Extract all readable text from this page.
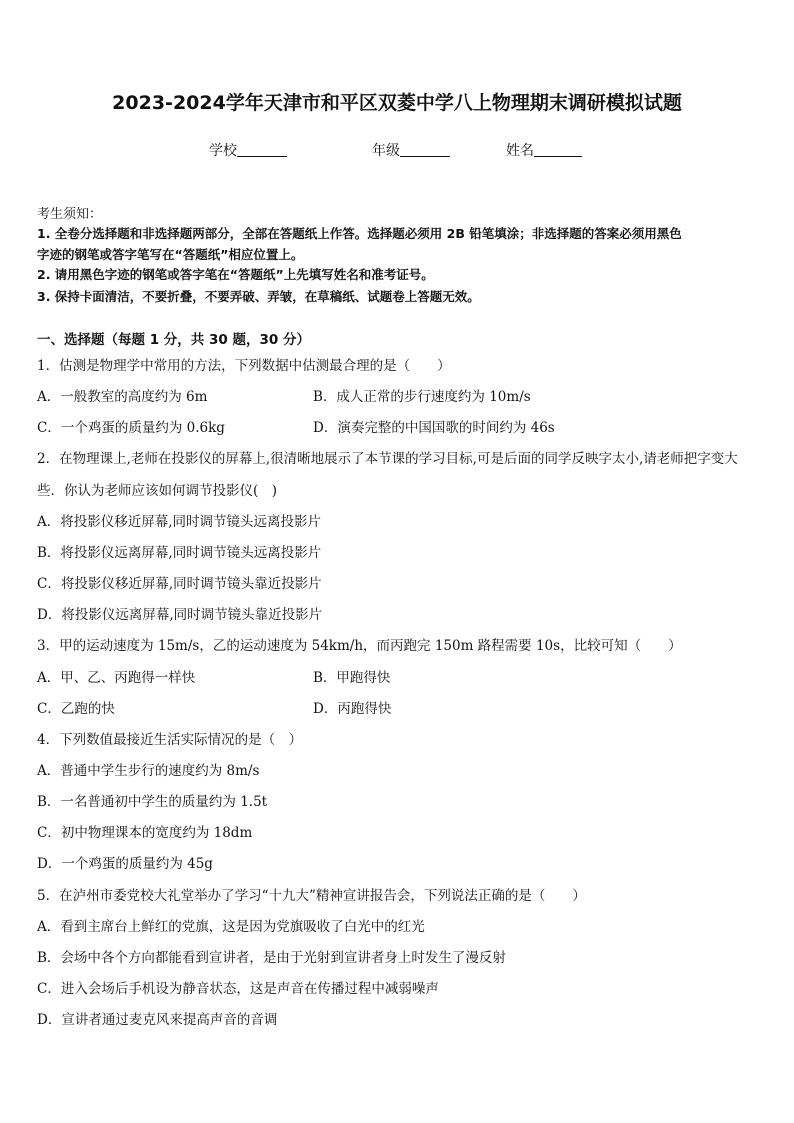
2023-2024学年天津市和平区双菱中学八上物理期末调研模拟试题
学校	年级	姓名
考生须知：
1. 全卷分选择题和非选择题两部分，全部在答题纸上作答。选择题必须用 2B 铅笔填涂；非选择题的答案必须用黑色
字迹的钢笔或答字笔写在“答题纸”相应位置上。
2. 请用黑色字迹的钢笔或答字笔在“答题纸”上先填写姓名和准考证号。
3. 保持卡面清洁，不要折叠，不要弄破、弄皱，在草稿纸、试题卷上答题无效。
一、选择题（每题 1 分，共 30 题，30 分）
1．估测是物理学中常用的方法，下列数据中估测最合理的是（　　）
A．一般教室的高度约为 6m	B．成人正常的步行速度约为 10m/s
C．一个鸡蛋的质量约为 0.6kg	D．演奏完整的中国国歌的时间约为 46s
2．在物理课上,老师在投影仪的屏幕上,很清晰地展示了本节课的学习目标,可是后面的同学反映字太小,请老师把字变大
些．你认为老师应该如何调节投影仪(　)
A．将投影仪移近屏幕,同时调节镜头远离投影片
B．将投影仪远离屏幕,同时调节镜头远离投影片
C．将投影仪移近屏幕,同时调节镜头靠近投影片
D．将投影仪远离屏幕,同时调节镜头靠近投影片
3．甲的运动速度为 15m/s，乙的运动速度为 54km/h，而丙跑完 150m 路程需要 10s，比较可知（　　）
A．甲、乙、丙跑得一样快	B．甲跑得快
C．乙跑的快	D．丙跑得快
4．下列数值最接近生活实际情况的是（　）
A．普通中学生步行的速度约为 8m/s
B．一名普通初中学生的质量约为 1.5t
C．初中物理课本的宽度约为 18dm
D．一个鸡蛋的质量约为 45g
5．在泸州市委党校大礼堂举办了学习“十九大”精神宣讲报告会，下列说法正确的是（　　）
A．看到主席台上鲜红的党旗，这是因为党旗吸收了白光中的红光
B．会场中各个方向都能看到宣讲者，是由于光射到宣讲者身上时发生了漫反射
C．进入会场后手机设为静音状态，这是声音在传播过程中减弱噪声
D．宣讲者通过麦克风来提高声音的音调
